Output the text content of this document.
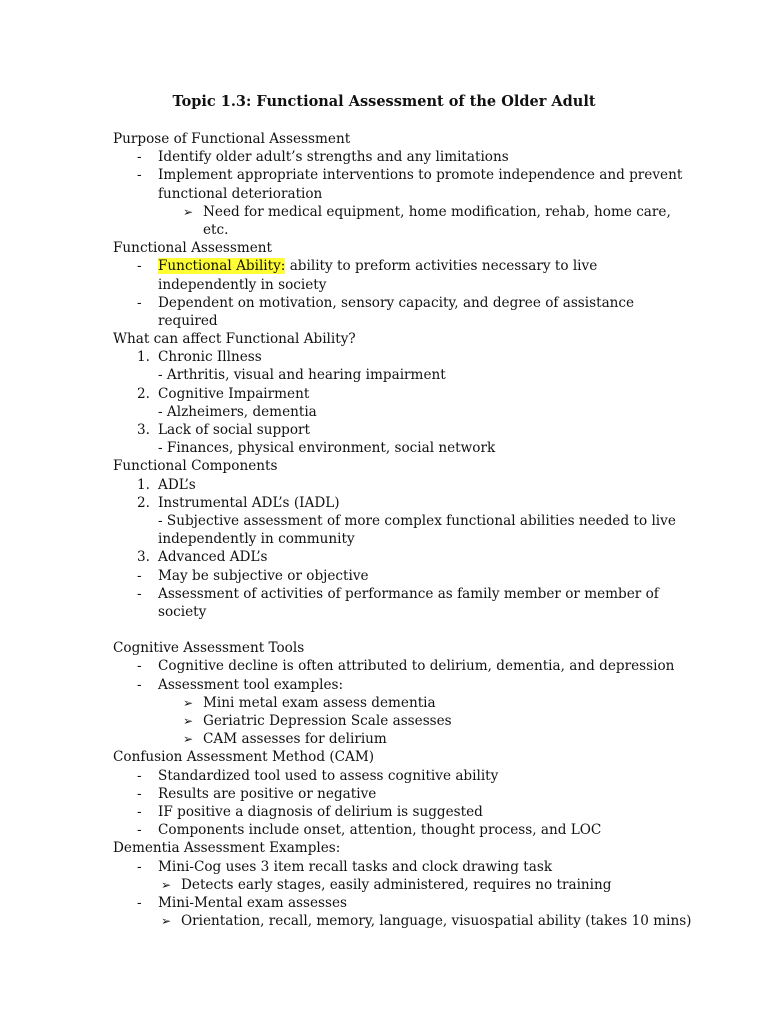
Topic 1.3: Functional Assessment of the Older Adult
Purpose of Functional Assessment
- Identify older adult’s strengths and any limitations
- Implement appropriate interventions to promote independence and prevent
functional deterioration
➢ Need for medical equipment, home modification, rehab, home care,
etc.
Functional Assessment
- Functional Ability: ability to preform activities necessary to live
independently in society
- Dependent on motivation, sensory capacity, and degree of assistance
required
What can affect Functional Ability?
1. Chronic Illness
- Arthritis, visual and hearing impairment
2. Cognitive Impairment
- Alzheimers, dementia
3. Lack of social support
- Finances, physical environment, social network
Functional Components
1. ADL’s
2. Instrumental ADL’s (IADL)
- Subjective assessment of more complex functional abilities needed to live
independently in community
3. Advanced ADL’s
- May be subjective or objective
- Assessment of activities of performance as family member or member of
society
Cognitive Assessment Tools
- Cognitive decline is often attributed to delirium, dementia, and depression
- Assessment tool examples:
➢ Mini metal exam assess dementia
➢ Geriatric Depression Scale assesses
➢ CAM assesses for delirium
Confusion Assessment Method (CAM)
- Standardized tool used to assess cognitive ability
- Results are positive or negative
- IF positive a diagnosis of delirium is suggested
- Components include onset, attention, thought process, and LOC
Dementia Assessment Examples:
- Mini-Cog uses 3 item recall tasks and clock drawing task
➢ Detects early stages, easily administered, requires no training
- Mini-Mental exam assesses
➢ Orientation, recall, memory, language, visuospatial ability (takes 10 mins)
